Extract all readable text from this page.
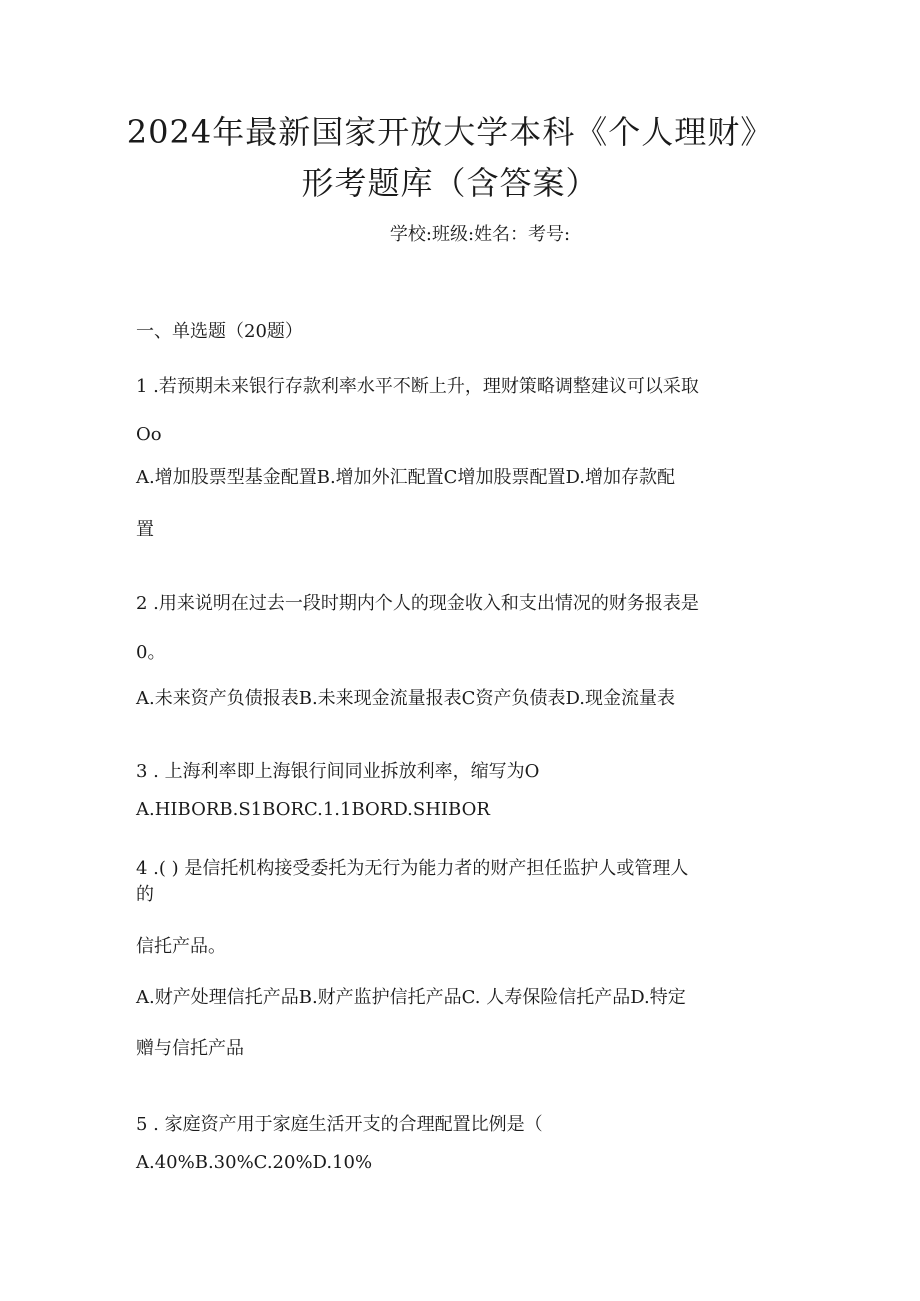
2024年最新国家开放大学本科《个人理财》
形考题库（含答案）
学校:班级:姓名：考号:
一、单选题（20题）
1 .若预期未来银行存款利率水平不断上升，理财策略调整建议可以采取
Oo
A.增加股票型基金配置B.增加外汇配置C增加股票配置D.增加存款配
置
2 .用来说明在过去一段时期内个人的现金收入和支出情况的财务报表是
0。
A.未来资产负债报表B.未来现金流量报表C资产负债表D.现金流量表
3 . 上海利率即上海银行间同业拆放利率，缩写为O
A.HIBORB.S1BORC.1.1BORD.SHIBOR
4 .( ) 是信托机构接受委托为无行为能力者的财产担任监护人或管理人
的
信托产品。
A.财产处理信托产品B.财产监护信托产品C. 人寿保险信托产品D.特定
赠与信托产品
5 . 家庭资产用于家庭生活开支的合理配置比例是（
A.40%B.30%C.20%D.10%
